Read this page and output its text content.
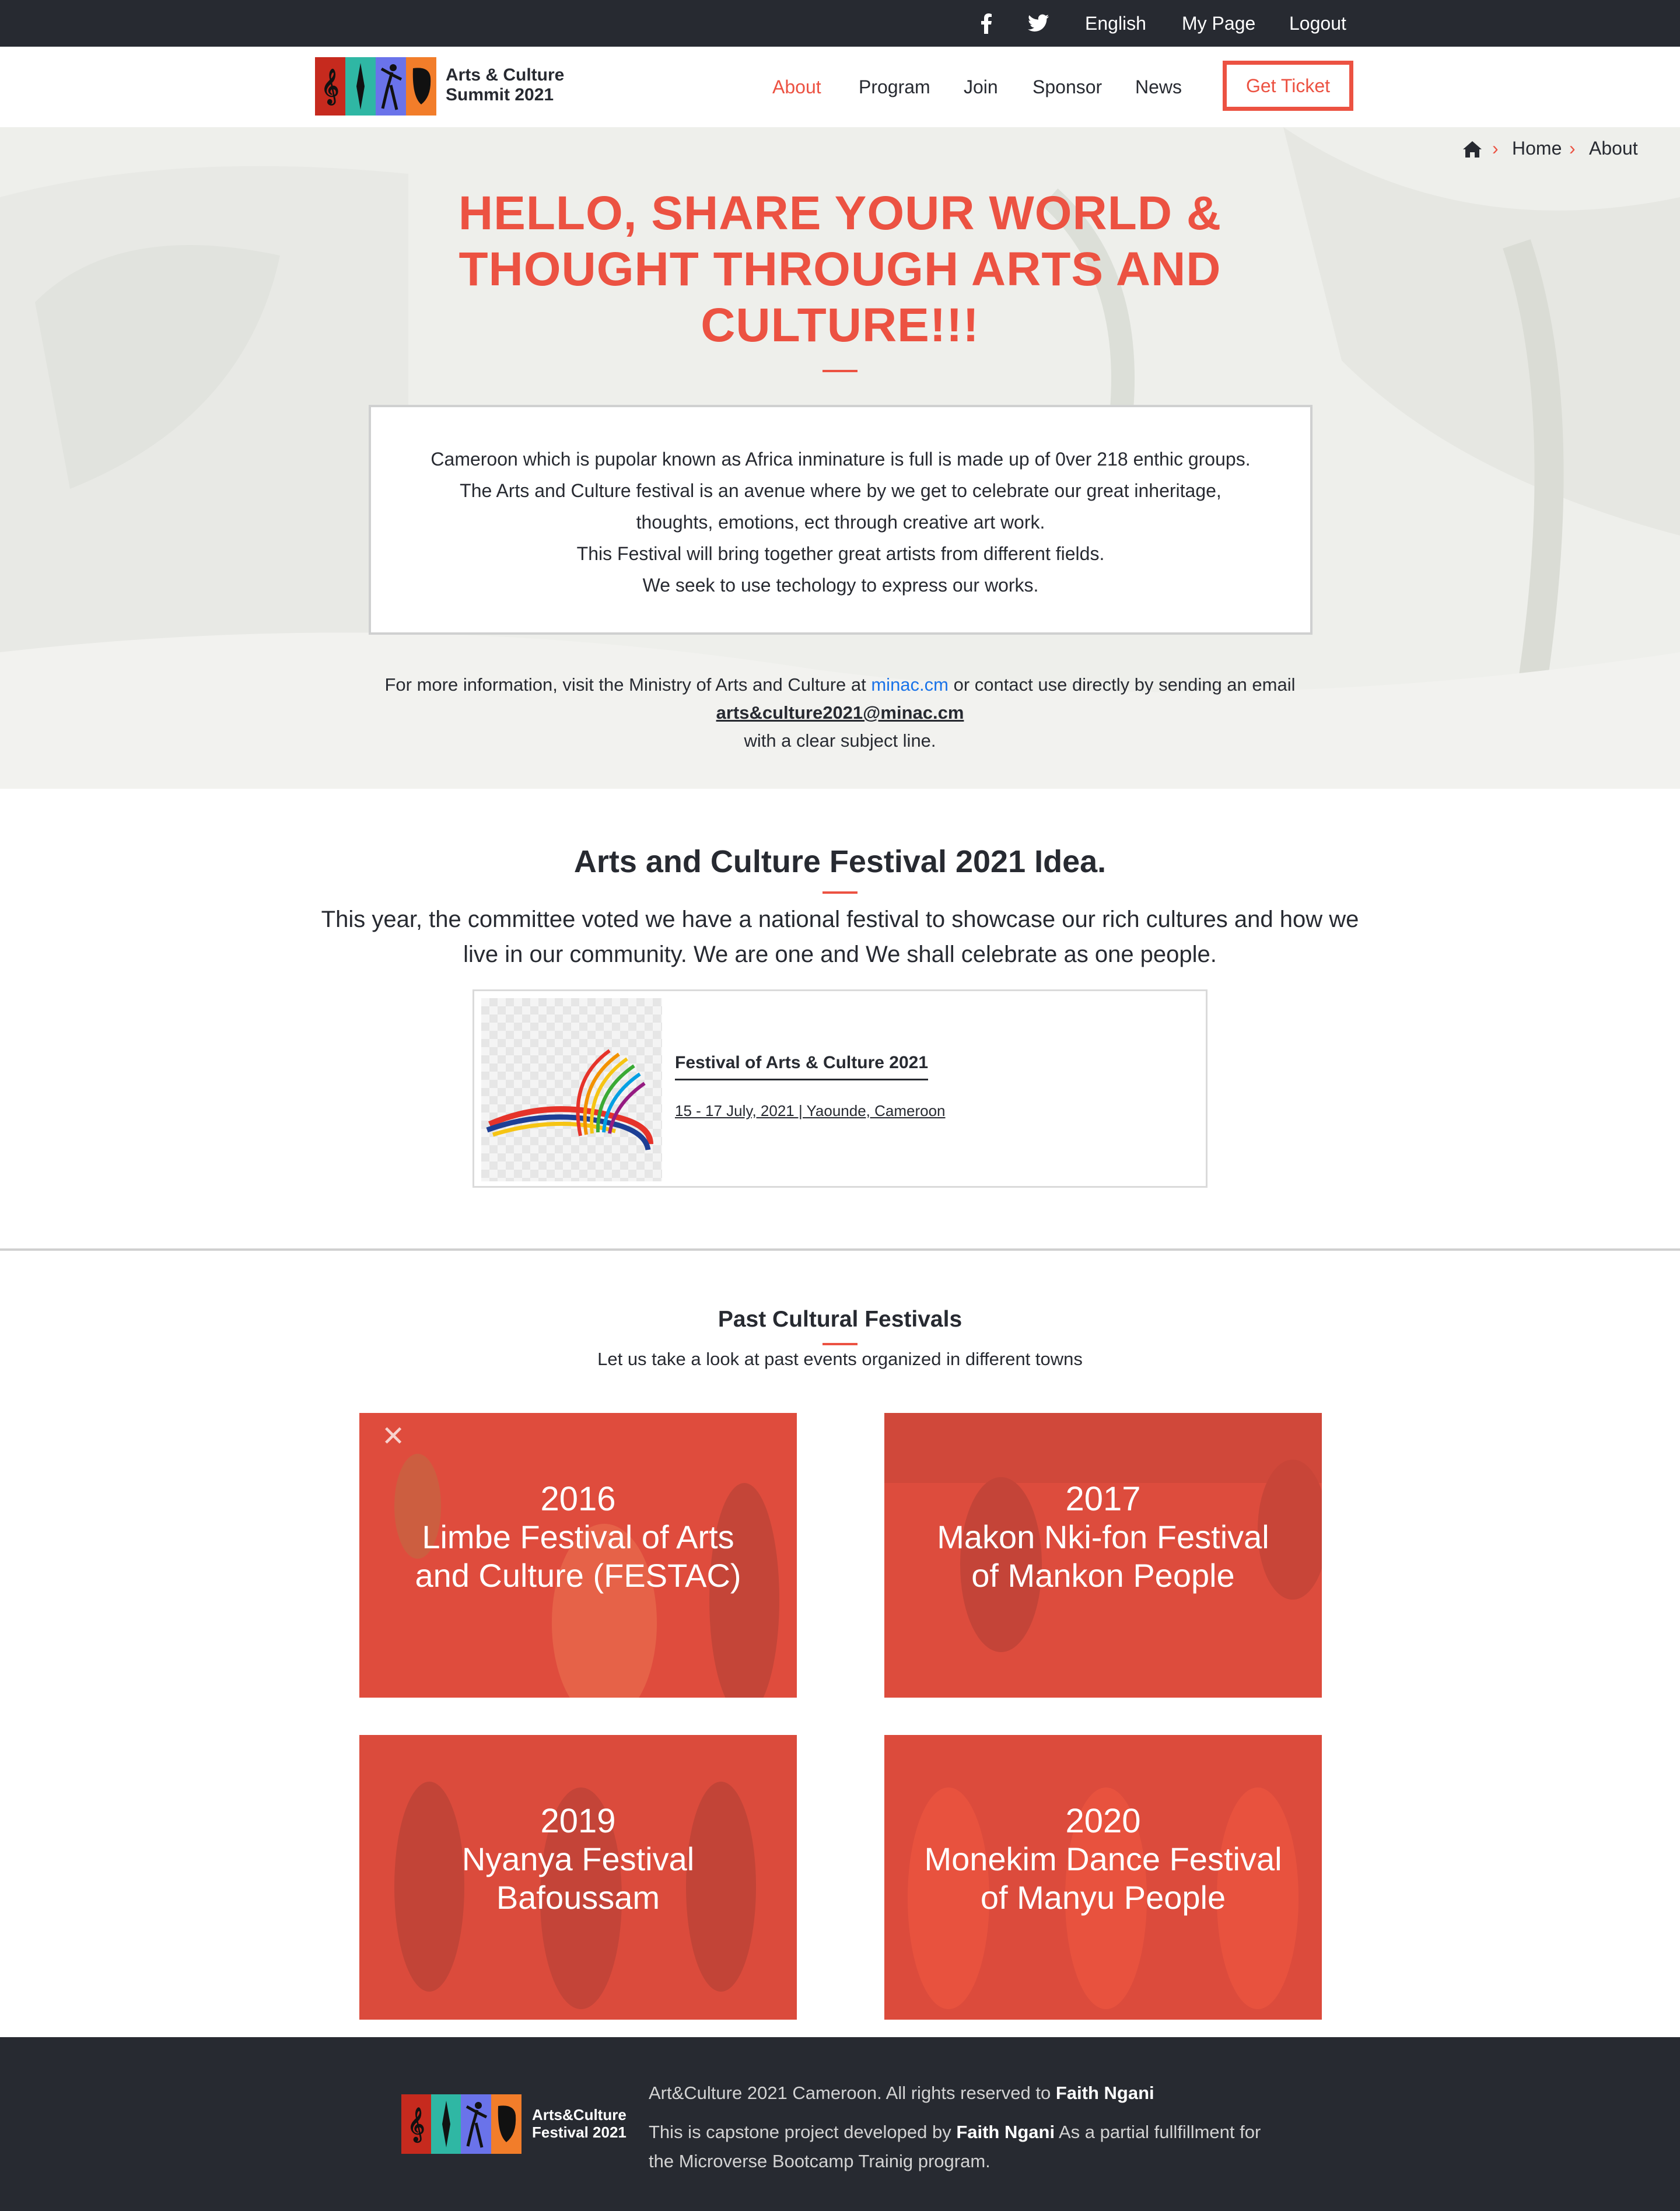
English My Page Logout
𝄞	Arts & Culture
Summit 2021	About Program Join Sponsor News	Get Ticket
› Home › About
HELLO, SHARE YOUR WORLD & THOUGHT THROUGH ARTS AND CULTURE!!!

Cameroon which is pupolar known as Africa inminature is full is made up of 0ver 218 enthic groups.

The Arts and Culture festival is an avenue where by we get to celebrate our great inheritage,

thoughts, emotions, ect through creative art work.

This Festival will bring together great artists from different fields.

We seek to use techology to express our works.

For more information, visit the Ministry of Arts and Culture at minac.cm or contact use directly by sending an email
arts&culture2021@minac.cm
with a clear subject line.
Arts and Culture Festival 2021 Idea.
This year, the committee voted we have a national festival to showcase our rich cultures and how we live in our community. We are one and We shall celebrate as one people.
Festival of Arts & Culture 2021
15 - 17 July, 2021 | Yaounde, Cameroon
Past Cultural Festivals
Let us take a look at past events organized in different towns
✕
2016
Limbe Festival of Arts and Culture (FESTAC)
2017
Makon Nki-fon Festival of Mankon People
2019
Nyanya Festival Bafoussam
2020
Monekim Dance Festival of Manyu People
𝄞	Arts&Culture
Festival 2021
Art&Culture 2021 Cameroon. All rights reserved to Faith Ngani
This is capstone project developed by Faith Ngani As a partial fullfillment for the Microverse Bootcamp Trainig program.
